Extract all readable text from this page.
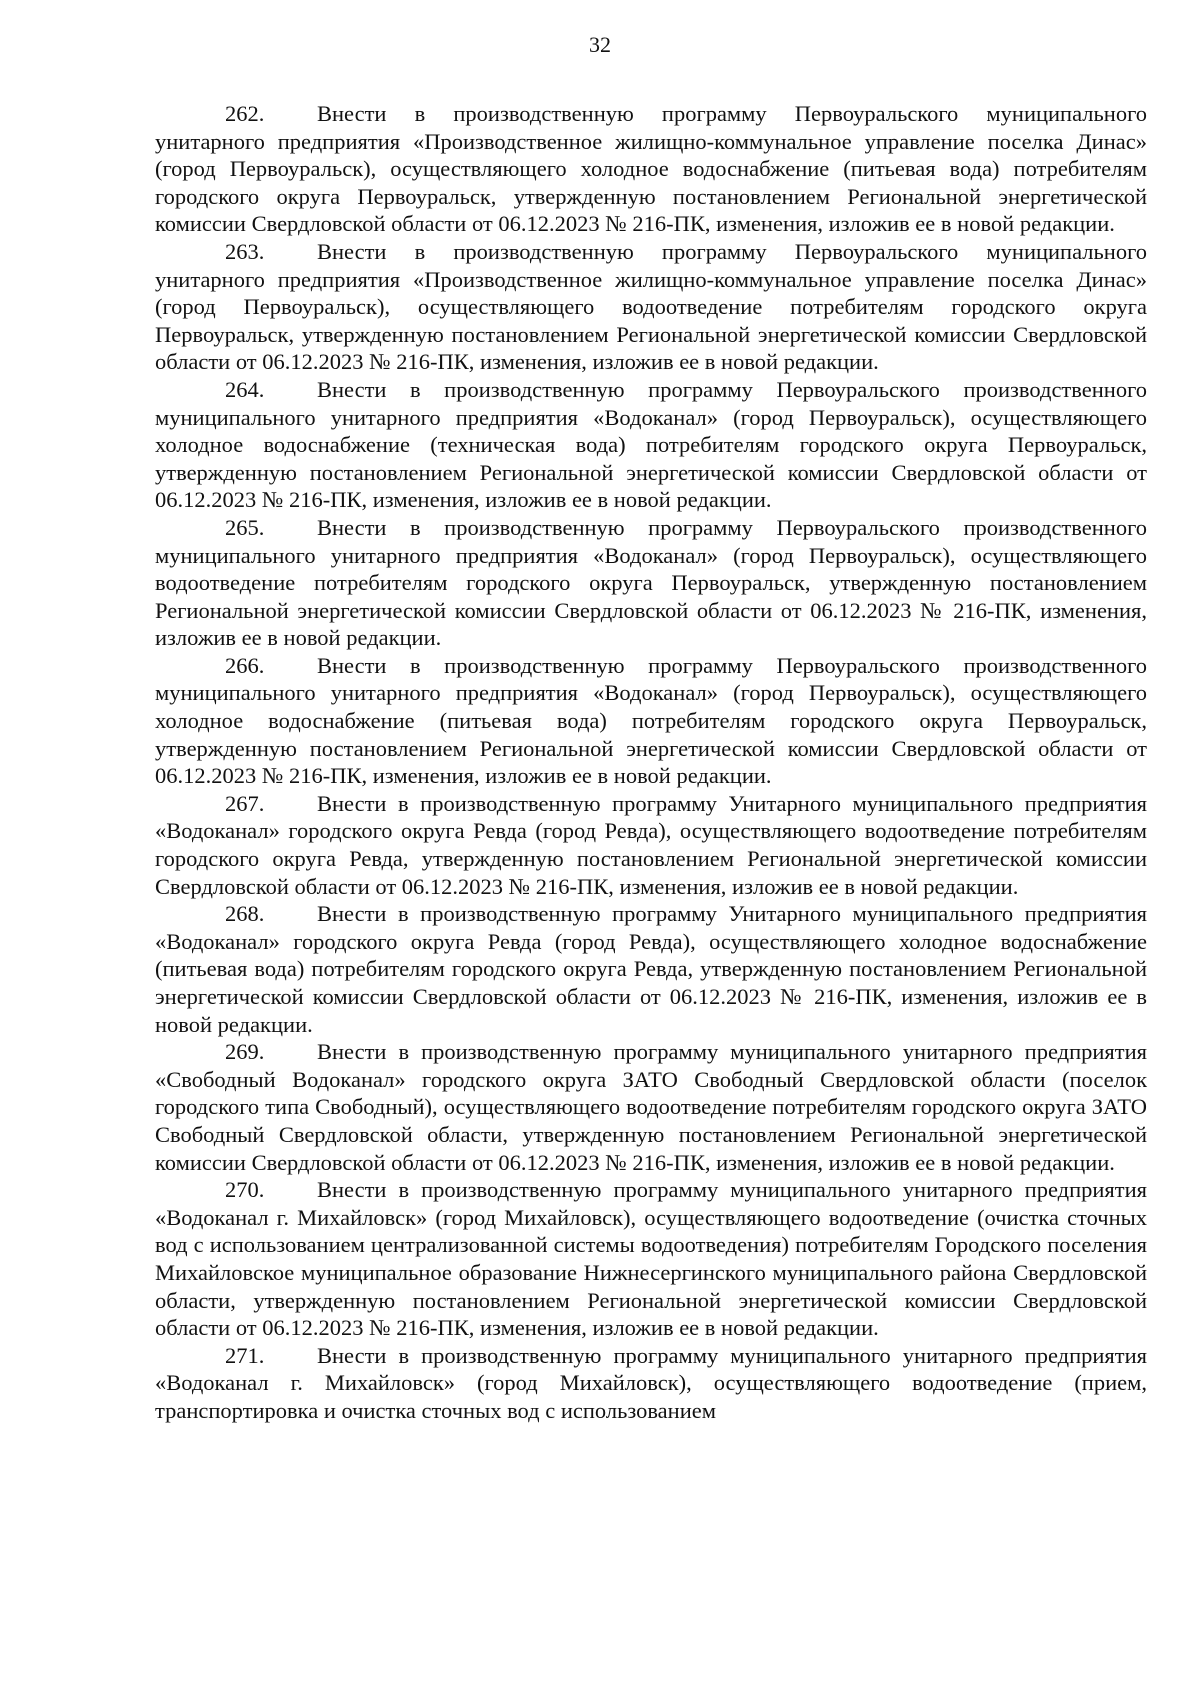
32

262. Внести в производственную программу Первоуральского муниципального унитарного предприятия «Производственное жилищно-коммунальное управление поселка Динас» (город Первоуральск), осуществляющего холодное водоснабжение (питьевая вода) потребителям городского округа Первоуральск, утвержденную постановлением Региональной энергетической комиссии Свердловской области от 06.12.2023 № 216-ПК, изменения, изложив ее в новой редакции.

263. Внести в производственную программу Первоуральского муниципального унитарного предприятия «Производственное жилищно-коммунальное управление поселка Динас» (город Первоуральск), осуществляющего водоотведение потребителям городского округа Первоуральск, утвержденную постановлением Региональной энергетической комиссии Свердловской области от 06.12.2023 № 216-ПК, изменения, изложив ее в новой редакции.

264. Внести в производственную программу Первоуральского производственного муниципального унитарного предприятия «Водоканал» (город Первоуральск), осуществляющего холодное водоснабжение (техническая вода) потребителям городского округа Первоуральск, утвержденную постановлением Региональной энергетической комиссии Свердловской области от 06.12.2023 № 216-ПК, изменения, изложив ее в новой редакции.

265. Внести в производственную программу Первоуральского производственного муниципального унитарного предприятия «Водоканал» (город Первоуральск), осуществляющего водоотведение потребителям городского округа Первоуральск, утвержденную постановлением Региональной энергетической комиссии Свердловской области от 06.12.2023 № 216-ПК, изменения, изложив ее в новой редакции.

266. Внести в производственную программу Первоуральского производственного муниципального унитарного предприятия «Водоканал» (город Первоуральск), осуществляющего холодное водоснабжение (питьевая вода) потребителям городского округа Первоуральск, утвержденную постановлением Региональной энергетической комиссии Свердловской области от 06.12.2023 № 216-ПК, изменения, изложив ее в новой редакции.

267. Внести в производственную программу Унитарного муниципального предприятия «Водоканал» городского округа Ревда (город Ревда), осуществляющего водоотведение потребителям городского округа Ревда, утвержденную постановлением Региональной энергетической комиссии Свердловской области от 06.12.2023 № 216-ПК, изменения, изложив ее в новой редакции.

268. Внести в производственную программу Унитарного муниципального предприятия «Водоканал» городского округа Ревда (город Ревда), осуществляющего холодное водоснабжение (питьевая вода) потребителям городского округа Ревда, утвержденную постановлением Региональной энергетической комиссии Свердловской области от 06.12.2023 № 216-ПК, изменения, изложив ее в новой редакции.

269. Внести в производственную программу муниципального унитарного предприятия «Свободный Водоканал» городского округа ЗАТО Свободный Свердловской области (поселок городского типа Свободный), осуществляющего водоотведение потребителям городского округа ЗАТО Свободный Свердловской области, утвержденную постановлением Региональной энергетической комиссии Свердловской области от 06.12.2023 № 216-ПК, изменения, изложив ее в новой редакции.

270. Внести в производственную программу муниципального унитарного предприятия «Водоканал г. Михайловск» (город Михайловск), осуществляющего водоотведение (очистка сточных вод с использованием централизованной системы водоотведения) потребителям Городского поселения Михайловское муниципальное образование Нижнесергинского муниципального района Свердловской области, утвержденную постановлением Региональной энергетической комиссии Свердловской области от 06.12.2023 № 216-ПК, изменения, изложив ее в новой редакции.

271. Внести в производственную программу муниципального унитарного предприятия «Водоканал г. Михайловск» (город Михайловск), осуществляющего водоотведение (прием, транспортировка и очистка сточных вод с использованием
